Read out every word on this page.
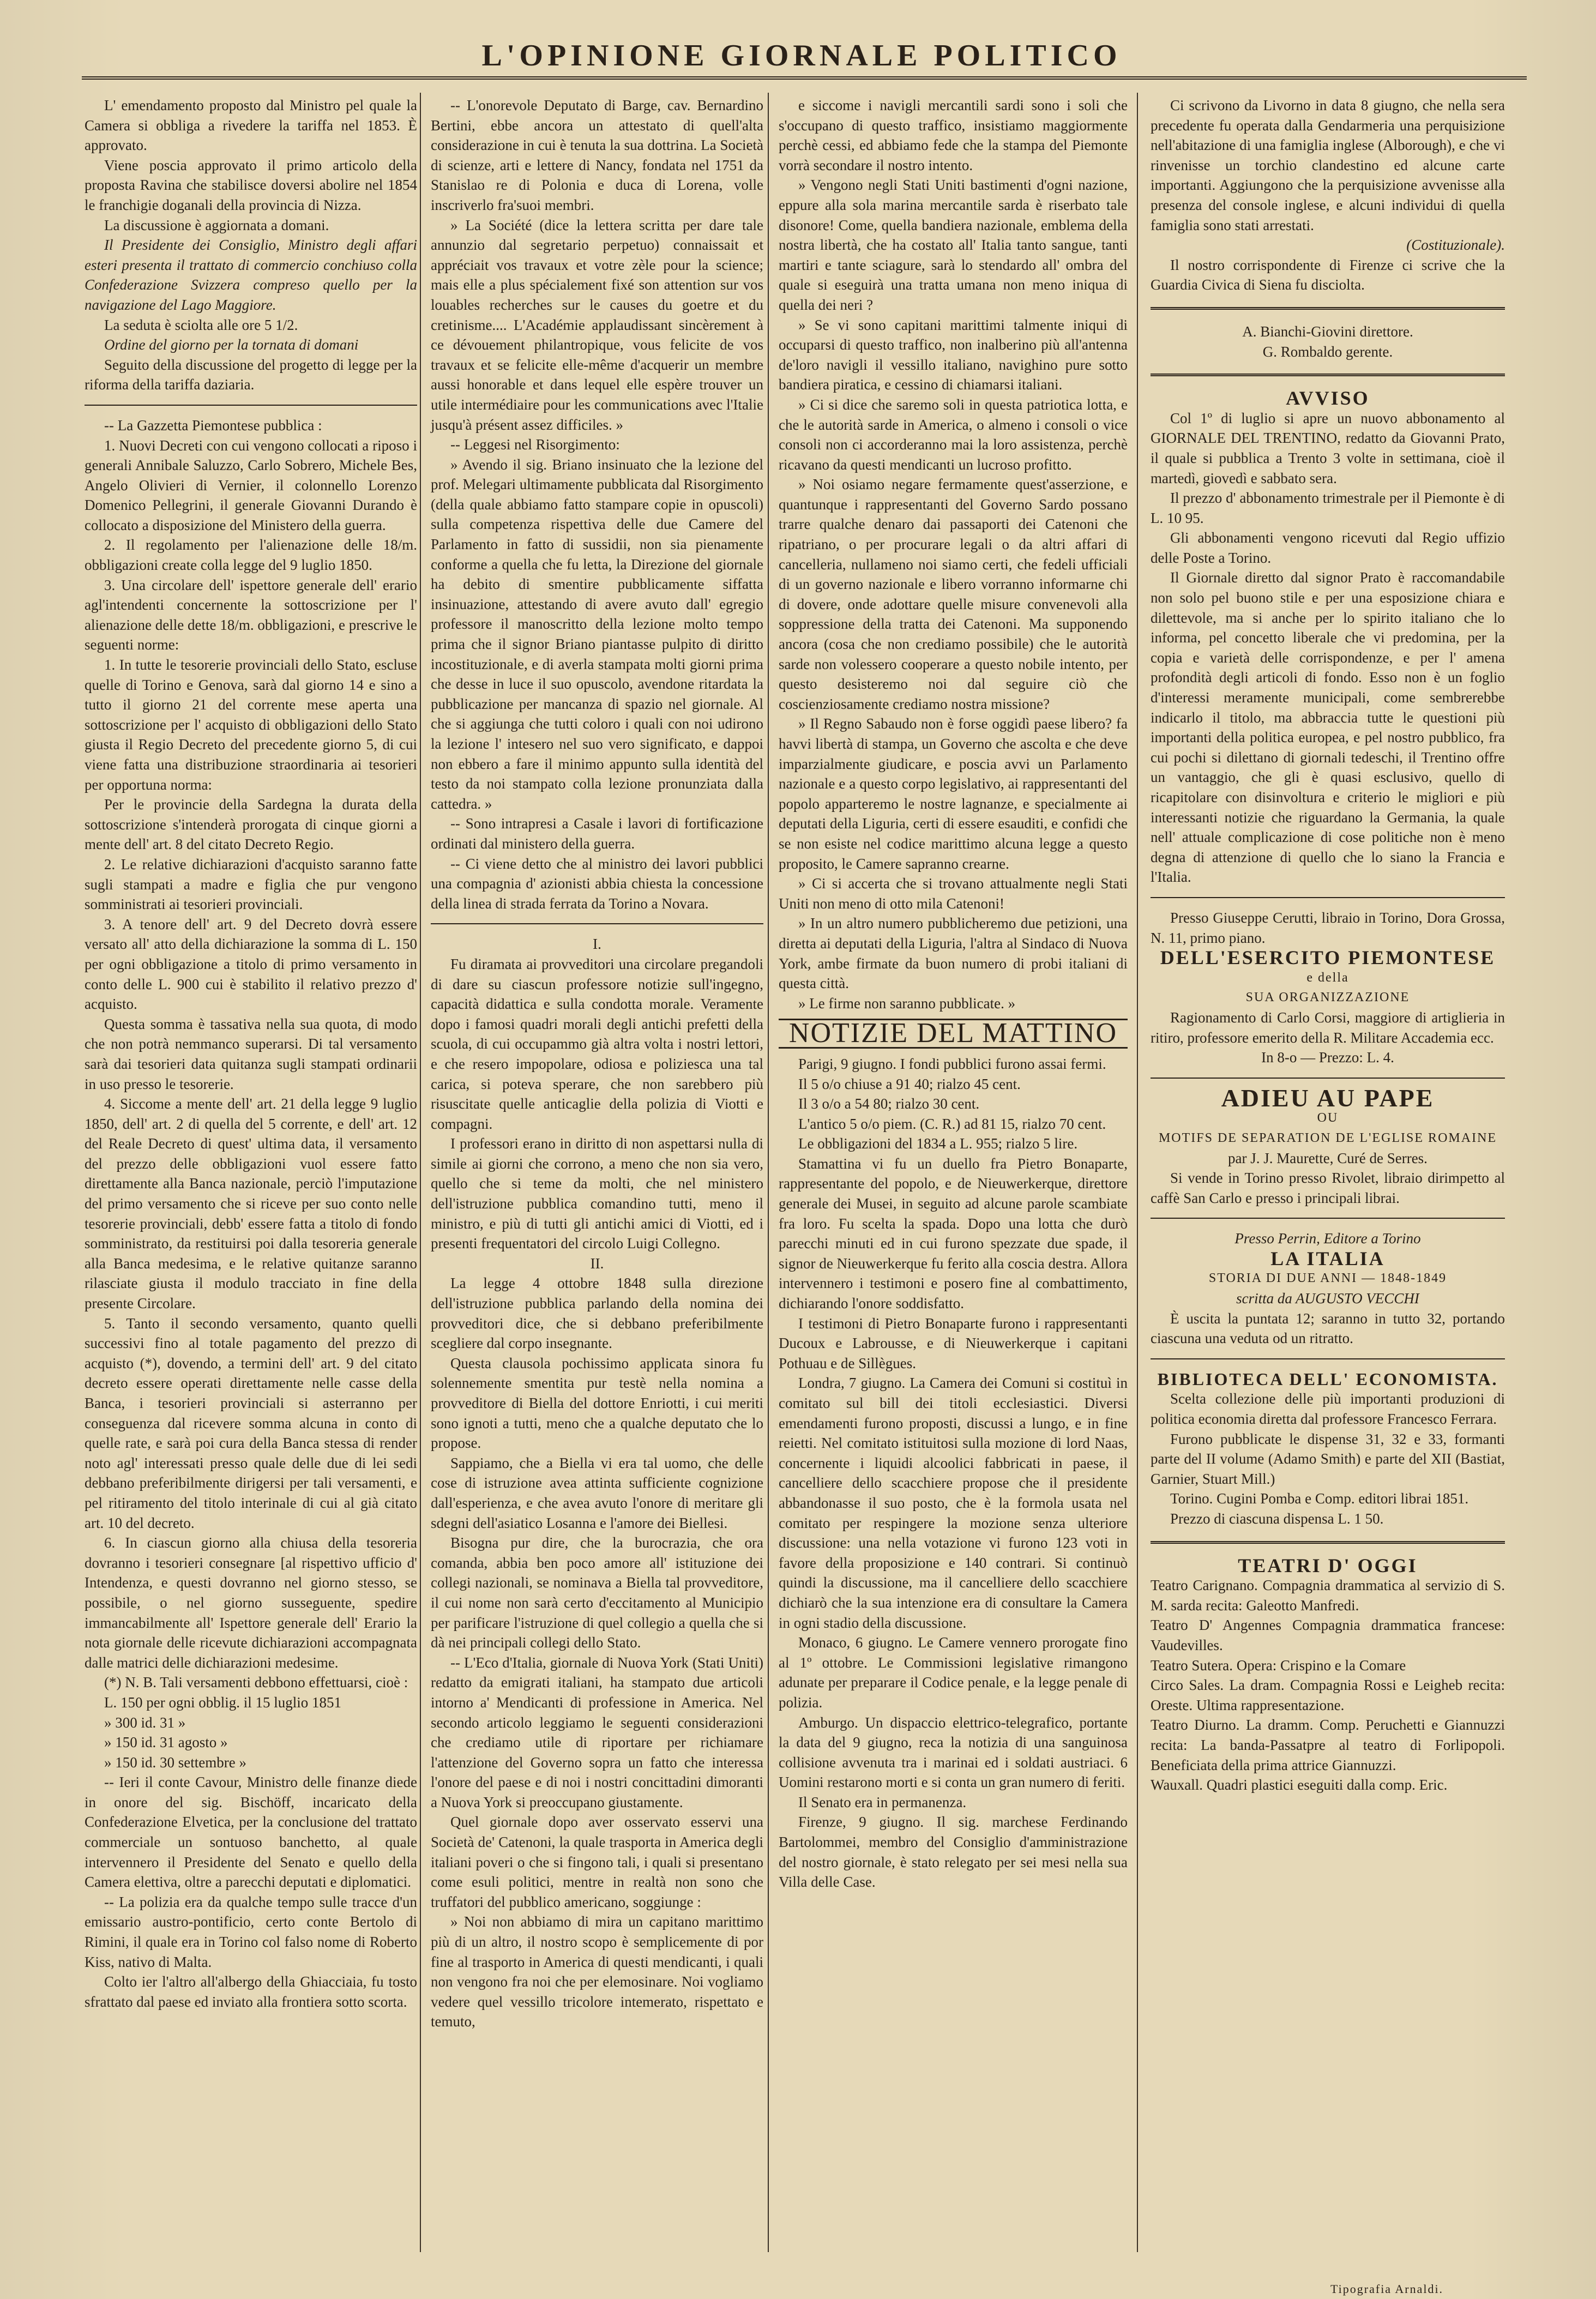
L'OPINIONE GIORNALE POLITICO

L' emendamento proposto dal Ministro pel quale la Camera si obbliga a rivedere la tariffa nel 1853. È approvato.

Viene poscia approvato il primo articolo della proposta Ravina che stabilisce doversi abolire nel 1854 le franchigie doganali della provincia di Nizza.

La discussione è aggiornata a domani.

Il Presidente dei Consiglio, Ministro degli affari esteri presenta il trattato di commercio conchiuso colla Confederazione Svizzera compreso quello per la navigazione del Lago Maggiore.

La seduta è sciolta alle ore 5 1/2.

Ordine del giorno per la tornata di domani

Seguito della discussione del progetto di legge per la riforma della tariffa daziaria.

-- La Gazzetta Piemontese pubblica :

1. Nuovi Decreti con cui vengono collocati a riposo i generali Annibale Saluzzo, Carlo Sobrero, Michele Bes, Angelo Olivieri di Vernier, il colonnello Lorenzo Domenico Pellegrini, il generale Giovanni Durando è collocato a disposizione del Ministero della guerra.

2. Il regolamento per l'alienazione delle 18/m. obbligazioni create colla legge del 9 luglio 1850.

3. Una circolare dell' ispettore generale dell' erario agl'intendenti concernente la sottoscrizione per l' alienazione delle dette 18/m. obbligazioni, e prescrive le seguenti norme:

1. In tutte le tesorerie provinciali dello Stato, escluse quelle di Torino e Genova, sarà dal giorno 14 e sino a tutto il giorno 21 del corrente mese aperta una sottoscrizione per l' acquisto di obbligazioni dello Stato giusta il Regio Decreto del precedente giorno 5, di cui viene fatta una distribuzione straordinaria ai tesorieri per opportuna norma:

Per le provincie della Sardegna la durata della sottoscrizione s'intenderà prorogata di cinque giorni a mente dell' art. 8 del citato Decreto Regio.

2. Le relative dichiarazioni d'acquisto saranno fatte sugli stampati a madre e figlia che pur vengono somministrati ai tesorieri provinciali.

3. A tenore dell' art. 9 del Decreto dovrà essere versato all' atto della dichiarazione la somma di L. 150 per ogni obbligazione a titolo di primo versamento in conto delle L. 900 cui è stabilito il relativo prezzo d' acquisto.

Questa somma è tassativa nella sua quota, di modo che non potrà nemmanco superarsi. Di tal versamento sarà dai tesorieri data quitanza sugli stampati ordinarii in uso presso le tesorerie.

4. Siccome a mente dell' art. 21 della legge 9 luglio 1850, dell' art. 2 di quella del 5 corrente, e dell' art. 12 del Reale Decreto di quest' ultima data, il versamento del prezzo delle obbligazioni vuol essere fatto direttamente alla Banca nazionale, perciò l'imputazione del primo versamento che si riceve per suo conto nelle tesorerie provinciali, debb' essere fatta a titolo di fondo somministrato, da restituirsi poi dalla tesoreria generale alla Banca medesima, e le relative quitanze saranno rilasciate giusta il modulo tracciato in fine della presente Circolare.

5. Tanto il secondo versamento, quanto quelli successivi fino al totale pagamento del prezzo di acquisto (*), dovendo, a termini dell' art. 9 del citato decreto essere operati direttamente nelle casse della Banca, i tesorieri provinciali si asterranno per conseguenza dal ricevere somma alcuna in conto di quelle rate, e sarà poi cura della Banca stessa di render noto agl' interessati presso quale delle due di lei sedi debbano preferibilmente dirigersi per tali versamenti, e pel ritiramento del titolo interinale di cui al già citato art. 10 del decreto.

6. In ciascun giorno alla chiusa della tesoreria dovranno i tesorieri consegnare [al rispettivo ufficio d' Intendenza, e questi dovranno nel giorno stesso, se possibile, o nel giorno susseguente, spedire immancabilmente all' Ispettore generale dell' Erario la nota giornale delle ricevute dichiarazioni accompagnata dalle matrici delle dichiarazioni medesime.

(*) N. B. Tali versamenti debbono effettuarsi, cioè :

L. 150 per ogni obblig. il 15 luglio 1851

» 300 id. 31 »

» 150 id. 31 agosto »

» 150 id. 30 settembre »

-- Ieri il conte Cavour, Ministro delle finanze diede in onore del sig. Bischöff, incaricato della Confederazione Elvetica, per la conclusione del trattato commerciale un sontuoso banchetto, al quale intervennero il Presidente del Senato e quello della Camera elettiva, oltre a parecchi deputati e diplomatici.

-- La polizia era da qualche tempo sulle tracce d'un emissario austro-pontificio, certo conte Bertolo di Rimini, il quale era in Torino col falso nome di Roberto Kiss, nativo di Malta.

Colto ier l'altro all'albergo della Ghiacciaia, fu tosto sfrattato dal paese ed inviato alla frontiera sotto scorta.

-- L'onorevole Deputato di Barge, cav. Bernardino Bertini, ebbe ancora un attestato di quell'alta considerazione in cui è tenuta la sua dottrina. La Società di scienze, arti e lettere di Nancy, fondata nel 1751 da Stanislao re di Polonia e duca di Lorena, volle inscriverlo fra'suoi membri.

» La Société (dice la lettera scritta per dare tale annunzio dal segretario perpetuo) connaissait et appréciait vos travaux et votre zèle pour la science; mais elle a plus spécialement fixé son attention sur vos louables recherches sur le causes du goetre et du cretinisme.... L'Académie applaudissant sincèrement à ce dévouement philantropique, vous felicite de vos travaux et se felicite elle-même d'acquerir un membre aussi honorable et dans lequel elle espère trouver un utile intermédiaire pour les communications avec l'Italie jusqu'à présent assez difficiles. »

-- Leggesi nel Risorgimento:

» Avendo il sig. Briano insinuato che la lezione del prof. Melegari ultimamente pubblicata dal Risorgimento (della quale abbiamo fatto stampare copie in opuscoli) sulla competenza rispettiva delle due Camere del Parlamento in fatto di sussidii, non sia pienamente conforme a quella che fu letta, la Direzione del giornale ha debito di smentire pubblicamente siffatta insinuazione, attestando di avere avuto dall' egregio professore il manoscritto della lezione molto tempo prima che il signor Briano piantasse pulpito di diritto incostituzionale, e di averla stampata molti giorni prima che desse in luce il suo opuscolo, avendone ritardata la pubblicazione per mancanza di spazio nel giornale. Al che si aggiunga che tutti coloro i quali con noi udirono la lezione l' intesero nel suo vero significato, e dappoi non ebbero a fare il minimo appunto sulla identità del testo da noi stampato colla lezione pronunziata dalla cattedra. »

-- Sono intrapresi a Casale i lavori di fortificazione ordinati dal ministero della guerra.

-- Ci viene detto che al ministro dei lavori pubblici una compagnia d' azionisti abbia chiesta la concessione della linea di strada ferrata da Torino a Novara.

I.

Fu diramata ai provveditori una circolare pregandoli di dare su ciascun professore notizie sull'ingegno, capacità didattica e sulla condotta morale. Veramente dopo i famosi quadri morali degli antichi prefetti della scuola, di cui occupammo già altra volta i nostri lettori, e che resero impopolare, odiosa e poliziesca una tal carica, si poteva sperare, che non sarebbero più risuscitate quelle anticaglie della polizia di Viotti e compagni.

I professori erano in diritto di non aspettarsi nulla di simile ai giorni che corrono, a meno che non sia vero, quello che si teme da molti, che nel ministero dell'istruzione pubblica comandino tutti, meno il ministro, e più di tutti gli antichi amici di Viotti, ed i presenti frequentatori del circolo Luigi Collegno.

II.

La legge 4 ottobre 1848 sulla direzione dell'istruzione pubblica parlando della nomina dei provveditori dice, che si debbano preferibilmente scegliere dal corpo insegnante.

Questa clausola pochissimo applicata sinora fu solennemente smentita pur testè nella nomina a provveditore di Biella del dottore Enriotti, i cui meriti sono ignoti a tutti, meno che a qualche deputato che lo propose.

Sappiamo, che a Biella vi era tal uomo, che delle cose di istruzione avea attinta sufficiente cognizione dall'esperienza, e che avea avuto l'onore di meritare gli sdegni dell'asiatico Losanna e l'amore dei Biellesi.

Bisogna pur dire, che la burocrazia, che ora comanda, abbia ben poco amore all' istituzione dei collegi nazionali, se nominava a Biella tal provveditore, il cui nome non sarà certo d'eccitamento al Municipio per parificare l'istruzione di quel collegio a quella che si dà nei principali collegi dello Stato.

-- L'Eco d'Italia, giornale di Nuova York (Stati Uniti) redatto da emigrati italiani, ha stampato due articoli intorno a' Mendicanti di professione in America. Nel secondo articolo leggiamo le seguenti considerazioni che crediamo utile di riportare per richiamare l'attenzione del Governo sopra un fatto che interessa l'onore del paese e di noi i nostri concittadini dimoranti a Nuova York si preoccupano giustamente.

Quel giornale dopo aver osservato esservi una Società de' Catenoni, la quale trasporta in America degli italiani poveri o che si fingono tali, i quali si presentano come esuli politici, mentre in realtà non sono che truffatori del pubblico americano, soggiunge :

» Noi non abbiamo di mira un capitano marittimo più di un altro, il nostro scopo è semplicemente di por fine al trasporto in America di questi mendicanti, i quali non vengono fra noi che per elemosinare. Noi vogliamo vedere quel vessillo tricolore intemerato, rispettato e temuto,

e siccome i navigli mercantili sardi sono i soli che s'occupano di questo traffico, insistiamo maggiormente perchè cessi, ed abbiamo fede che la stampa del Piemonte vorrà secondare il nostro intento.

» Vengono negli Stati Uniti bastimenti d'ogni nazione, eppure alla sola marina mercantile sarda è riserbato tale disonore! Come, quella bandiera nazionale, emblema della nostra libertà, che ha costato all' Italia tanto sangue, tanti martiri e tante sciagure, sarà lo stendardo all' ombra del quale si eseguirà una tratta umana non meno iniqua di quella dei neri ?

» Se vi sono capitani marittimi talmente iniqui di occuparsi di questo traffico, non inalberino più all'antenna de'loro navigli il vessillo italiano, navighino pure sotto bandiera piratica, e cessino di chiamarsi italiani.

» Ci si dice che saremo soli in questa patriotica lotta, e che le autorità sarde in America, o almeno i consoli o vice consoli non ci accorderanno mai la loro assistenza, perchè ricavano da questi mendicanti un lucroso profitto.

» Noi osiamo negare fermamente quest'asserzione, e quantunque i rappresentanti del Governo Sardo possano trarre qualche denaro dai passaporti dei Catenoni che ripatriano, o per procurare legali o da altri affari di cancelleria, nullameno noi siamo certi, che fedeli ufficiali di un governo nazionale e libero vorranno informarne chi di dovere, onde adottare quelle misure convenevoli alla soppressione della tratta dei Catenoni. Ma supponendo ancora (cosa che non crediamo possibile) che le autorità sarde non volessero cooperare a questo nobile intento, per questo desisteremo noi dal seguire ciò che coscienziosamente crediamo nostra missione?

» Il Regno Sabaudo non è forse oggidì paese libero? fa havvi libertà di stampa, un Governo che ascolta e che deve imparzialmente giudicare, e poscia avvi un Parlamento nazionale e a questo corpo legislativo, ai rappresentanti del popolo apparteremo le nostre lagnanze, e specialmente ai deputati della Liguria, certi di essere esauditi, e confidi che se non esiste nel codice marittimo alcuna legge a questo proposito, le Camere sapranno crearne.

» Ci si accerta che si trovano attualmente negli Stati Uniti non meno di otto mila Catenoni!

» In un altro numero pubblicheremo due petizioni, una diretta ai deputati della Liguria, l'altra al Sindaco di Nuova York, ambe firmate da buon numero di probi italiani di questa città.

» Le firme non saranno pubblicate. »

NOTIZIE DEL MATTINO

Parigi, 9 giugno. I fondi pubblici furono assai fermi.

Il 5 o/o chiuse a 91 40; rialzo 45 cent.

Il 3 o/o a 54 80; rialzo 30 cent.

L'antico 5 o/o piem. (C. R.) ad 81 15, rialzo 70 cent.

Le obbligazioni del 1834 a L. 955; rialzo 5 lire.

Stamattina vi fu un duello fra Pietro Bonaparte, rappresentante del popolo, e de Nieuwerkerque, direttore generale dei Musei, in seguito ad alcune parole scambiate fra loro. Fu scelta la spada. Dopo una lotta che durò parecchi minuti ed in cui furono spezzate due spade, il signor de Nieuwerkerque fu ferito alla coscia destra. Allora intervennero i testimoni e posero fine al combattimento, dichiarando l'onore soddisfatto.

I testimoni di Pietro Bonaparte furono i rappresentanti Ducoux e Labrousse, e di Nieuwerkerque i capitani Pothuau e de Sillègues.

Londra, 7 giugno. La Camera dei Comuni si costituì in comitato sul bill dei titoli ecclesiastici. Diversi emendamenti furono proposti, discussi a lungo, e in fine reietti. Nel comitato istituitosi sulla mozione di lord Naas, concernente i liquidi alcoolici fabbricati in paese, il cancelliere dello scacchiere propose che il presidente abbandonasse il suo posto, che è la formola usata nel comitato per respingere la mozione senza ulteriore discussione: una nella votazione vi furono 123 voti in favore della proposizione e 140 contrari. Si continuò quindi la discussione, ma il cancelliere dello scacchiere dichiarò che la sua intenzione era di consultare la Camera in ogni stadio della discussione.

Monaco, 6 giugno. Le Camere vennero prorogate fino al 1º ottobre. Le Commissioni legislative rimangono adunate per preparare il Codice penale, e la legge penale di polizia.

Amburgo. Un dispaccio elettrico-telegrafico, portante la data del 9 giugno, reca la notizia di una sanguinosa collisione avvenuta tra i marinai ed i soldati austriaci. 6 Uomini restarono morti e si conta un gran numero di feriti.

Il Senato era in permanenza.

Firenze, 9 giugno. Il sig. marchese Ferdinando Bartolommei, membro del Consiglio d'amministrazione del nostro giornale, è stato relegato per sei mesi nella sua Villa delle Case.

Ci scrivono da Livorno in data 8 giugno, che nella sera precedente fu operata dalla Gendarmeria una perquisizione nell'abitazione di una famiglia inglese (Alborough), e che vi rinvenisse un torchio clandestino ed alcune carte importanti. Aggiungono che la perquisizione avvenisse alla presenza del console inglese, e alcuni individui di quella famiglia sono stati arrestati.

(Costituzionale).

Il nostro corrispondente di Firenze ci scrive che la Guardia Civica di Siena fu disciolta.

A. Bianchi-Giovini direttore.

G. Rombaldo gerente.

AVVISO

Col 1º di luglio si apre un nuovo abbonamento al GIORNALE DEL TRENTINO, redatto da Giovanni Prato, il quale si pubblica a Trento 3 volte in settimana, cioè il martedì, giovedì e sabbato sera.

Il prezzo d' abbonamento trimestrale per il Piemonte è di L. 10 95.

Gli abbonamenti vengono ricevuti dal Regio uffizio delle Poste a Torino.

Il Giornale diretto dal signor Prato è raccomandabile non solo pel buono stile e per una esposizione chiara e dilettevole, ma si anche per lo spirito italiano che lo informa, pel concetto liberale che vi predomina, per la copia e varietà delle corrispondenze, e per l' amena profondità degli articoli di fondo. Esso non è un foglio d'interessi meramente municipali, come sembrerebbe indicarlo il titolo, ma abbraccia tutte le questioni più importanti della politica europea, e pel nostro pubblico, fra cui pochi si dilettano di giornali tedeschi, il Trentino offre un vantaggio, che gli è quasi esclusivo, quello di ricapitolare con disinvoltura e criterio le migliori e più interessanti notizie che riguardano la Germania, la quale nell' attuale complicazione di cose politiche non è meno degna di attenzione di quello che lo siano la Francia e l'Italia.

Presso Giuseppe Cerutti, libraio in Torino, Dora Grossa, N. 11, primo piano.

DELL'ESERCITO PIEMONTESE
e della
SUA ORGANIZZAZIONE

Ragionamento di Carlo Corsi, maggiore di artiglieria in ritiro, professore emerito della R. Militare Accademia ecc.

In 8-o — Prezzo: L. 4.

ADIEU AU PAPE
OU
MOTIFS DE SEPARATION DE L'EGLISE ROMAINE

par J. J. Maurette, Curé de Serres.

Si vende in Torino presso Rivolet, libraio dirimpetto al caffè San Carlo e presso i principali librai.

Presso Perrin, Editore a Torino

LA ITALIA
STORIA DI DUE ANNI — 1848-1849

scritta da AUGUSTO VECCHI

È uscita la puntata 12; saranno in tutto 32, portando ciascuna una veduta od un ritratto.

BIBLIOTECA DELL' ECONOMISTA.

Scelta collezione delle più importanti produzioni di politica economia diretta dal professore Francesco Ferrara.

Furono pubblicate le dispense 31, 32 e 33, formanti parte del II volume (Adamo Smith) e parte del XII (Bastiat, Garnier, Stuart Mill.)

Torino. Cugini Pomba e Comp. editori librai 1851.

Prezzo di ciascuna dispensa L. 1 50.

TEATRI D' OGGI

Teatro Carignano. Compagnia drammatica al servizio di S. M. sarda recita: Galeotto Manfredi.

Teatro D' Angennes Compagnia drammatica francese: Vaudevilles.

Teatro Sutera. Opera: Crispino e la Comare

Circo Sales. La dram. Compagnia Rossi e Leigheb recita: Oreste. Ultima rappresentazione.

Teatro Diurno. La dramm. Comp. Peruchetti e Giannuzzi recita: La banda-Passatpre al teatro di Forlipopoli. Beneficiata della prima attrice Giannuzzi.

Wauxall. Quadri plastici eseguiti dalla comp. Eric.

Tipografia Arnaldi.
